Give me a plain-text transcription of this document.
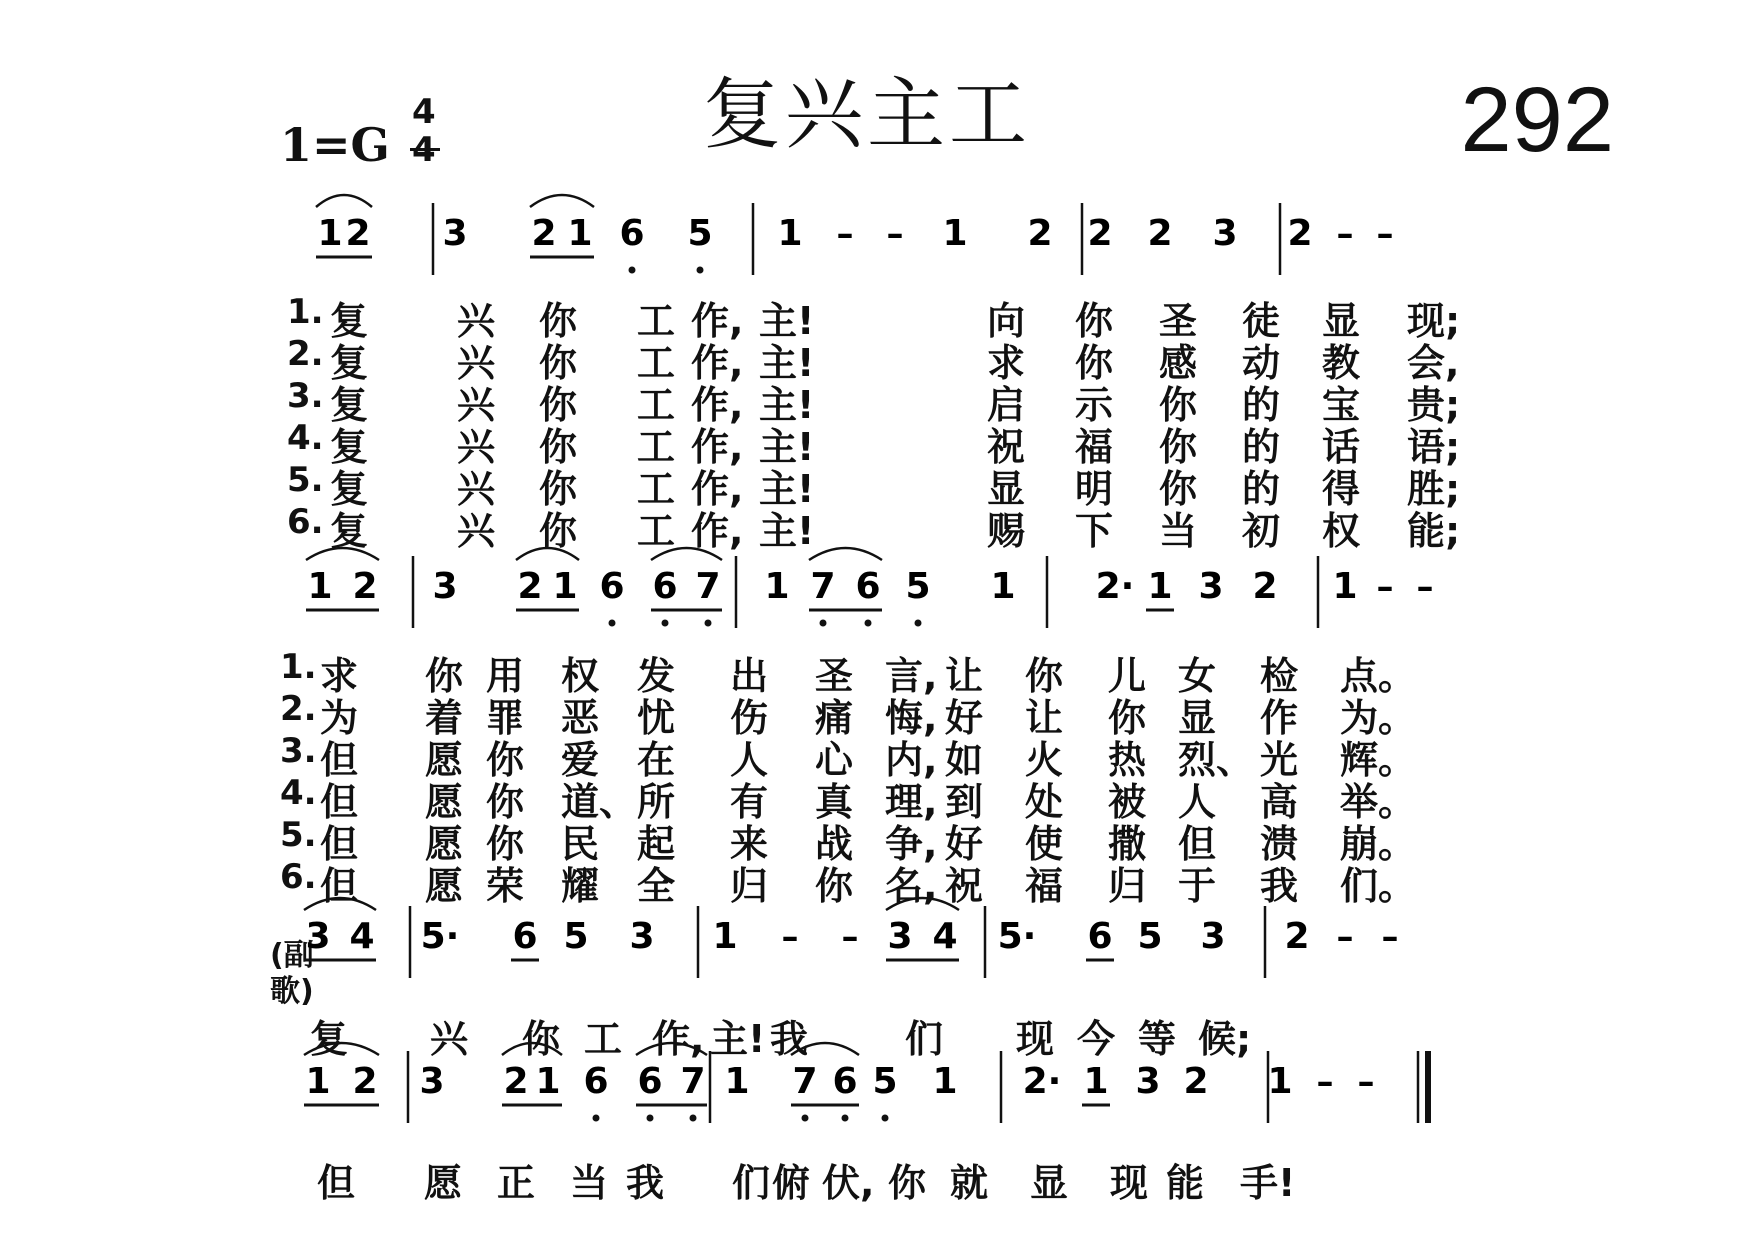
复兴主工	292
1=G
4
4
(副
歌)
1 2 3 2 1 6 5 1 – – 1 2 2 2 3 2 – –
1 2 3 2 1 6 6 7 1 7 6 5 1 2· 1 3 2 1 – –
3 4 5· 6 5 3 1 – – 3 4 5· 6 5 3 2 – –
1 2 3 2 1 6 6 7 1 7 6 5 1 2· 1 3 2 1 – –
1. 复 兴 你 工 作, 主!	向 你 圣 徒 显 现;
2. 复 兴 你 工 作, 主!	求 你 感 动 教 会,
3. 复 兴 你 工 作, 主!	启 示 你 的 宝 贵;
4. 复 兴 你 工 作, 主!	祝 福 你 的 话 语;
5. 复 兴 你 工 作, 主!	显 明 你 的 得 胜;
6. 复 兴 你 工 作, 主!	赐 下 当 初 权 能;
1. 求 你 用 权 发 出 圣 言, 让 你 儿 女 检 点。
2. 为 着 罪 恶 忧 伤 痛 悔, 好 让 你 显 作 为。
3. 但 愿 你 爱 在 人 心 内, 如 火 热 烈、 光 辉。
4. 但 愿 你 道、 所 有 真 理, 到 处 被 人 高 举。
5. 但 愿 你 民 起 来 战 争, 好 使 撒 但 溃 崩。
6. 但 愿 荣 耀 全 归 你 名, 祝 福 归 于 我 们。
复 兴 你 工 作, 主! 我	们 现 今 等 候;
但 愿 正 当 我 们 俯 伏, 你 就 显 现 能 手!
